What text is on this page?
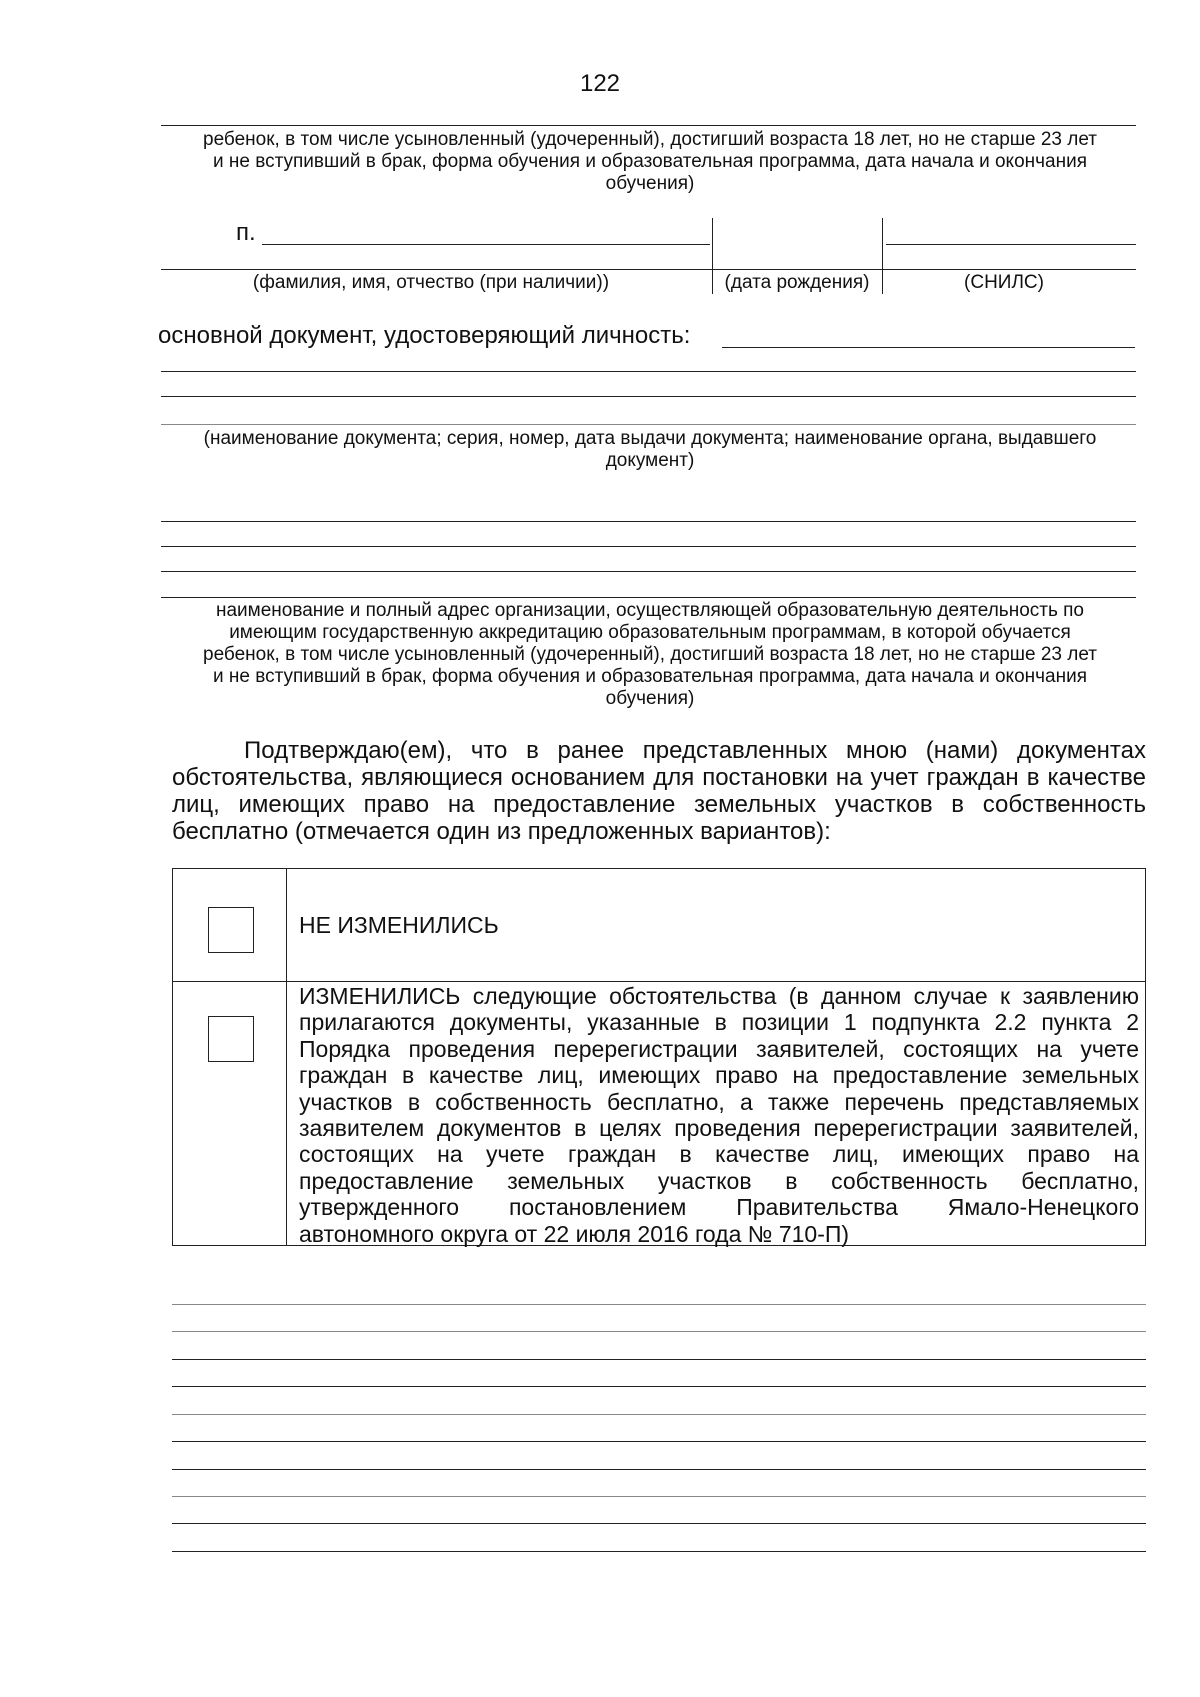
122
ребенок, в том числе усыновленный (удочеренный), достигший возраста 18 лет, но не старше 23 лет
и не вступивший в брак, форма обучения и образовательная программа, дата начала и окончания
обучения)
п.
(фамилия, имя, отчество (при наличии))	(дата рождения)	(СНИЛС)
основной документ, удостоверяющий личность:
(наименование документа; серия, номер, дата выдачи документа; наименование органа, выдавшего
документ)
наименование и полный адрес организации, осуществляющей образовательную деятельность по
имеющим государственную аккредитацию образовательным программам, в которой обучается
ребенок, в том числе усыновленный (удочеренный), достигший возраста 18 лет, но не старше 23 лет
и не вступивший в брак, форма обучения и образовательная программа, дата начала и окончания
обучения)
Подтверждаю(ем), что в ранее представленных мною (нами) документах обстоятельства, являющиеся основанием для постановки на учет граждан в качестве лиц, имеющих право на предоставление земельных участков в собственность бесплатно (отмечается один из предложенных вариантов):
НЕ ИЗМЕНИЛИСЬ
ИЗМЕНИЛИСЬ следующие обстоятельства (в данном случае к заявлению прилагаются документы, указанные в позиции 1 подпункта 2.2 пункта 2 Порядка проведения перерегистрации заявителей, состоящих на учете граждан в качестве лиц, имеющих право на предоставление земельных участков в собственность бесплатно, а также перечень представляемых заявителем документов в целях проведения перерегистрации заявителей, состоящих на учете граждан в качестве лиц, имеющих право на предоставление земельных участков в собственность бесплатно, утвержденного постановлением Правительства Ямало-Ненецкого автономного округа от 22 июля 2016 года № 710-П)
